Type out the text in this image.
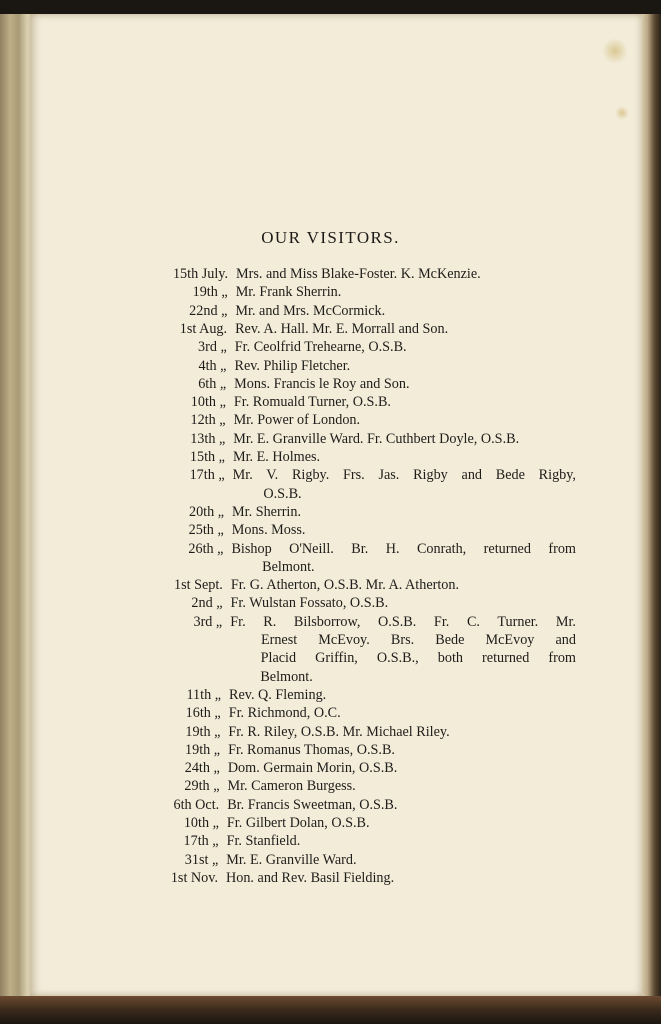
OUR VISITORS.
15th July. Mrs. and Miss Blake-Foster. K. McKenzie.
19th „ Mr. Frank Sherrin.
22nd „ Mr. and Mrs. McCormick.
1st Aug. Rev. A. Hall. Mr. E. Morrall and Son.
3rd „ Fr. Ceolfrid Trehearne, O.S.B.
4th „ Rev. Philip Fletcher.
6th „ Mons. Francis le Roy and Son.
10th „ Fr. Romuald Turner, O.S.B.
12th „ Mr. Power of London.
13th „ Mr. E. Granville Ward. Fr. Cuthbert Doyle, O.S.B.
15th „ Mr. E. Holmes.
17th „ Mr. V. Rigby. Frs. Jas. Rigby and Bede Rigby,
O.S.B.
20th „ Mr. Sherrin.
25th „ Mons. Moss.
26th „ Bishop O'Neill. Br. H. Conrath, returned from
Belmont.
1st Sept. Fr. G. Atherton, O.S.B. Mr. A. Atherton.
2nd „ Fr. Wulstan Fossato, O.S.B.
3rd „ Fr. R. Bilsborrow, O.S.B. Fr. C. Turner. Mr.
Ernest McEvoy. Brs. Bede McEvoy and
Placid Griffin, O.S.B., both returned from
Belmont.
11th „ Rev. Q. Fleming.
16th „ Fr. Richmond, O.C.
19th „ Fr. R. Riley, O.S.B. Mr. Michael Riley.
19th „ Fr. Romanus Thomas, O.S.B.
24th „ Dom. Germain Morin, O.S.B.
29th „ Mr. Cameron Burgess.
6th Oct. Br. Francis Sweetman, O.S.B.
10th „ Fr. Gilbert Dolan, O.S.B.
17th „ Fr. Stanfield.
31st „ Mr. E. Granville Ward.
1st Nov. Hon. and Rev. Basil Fielding.
